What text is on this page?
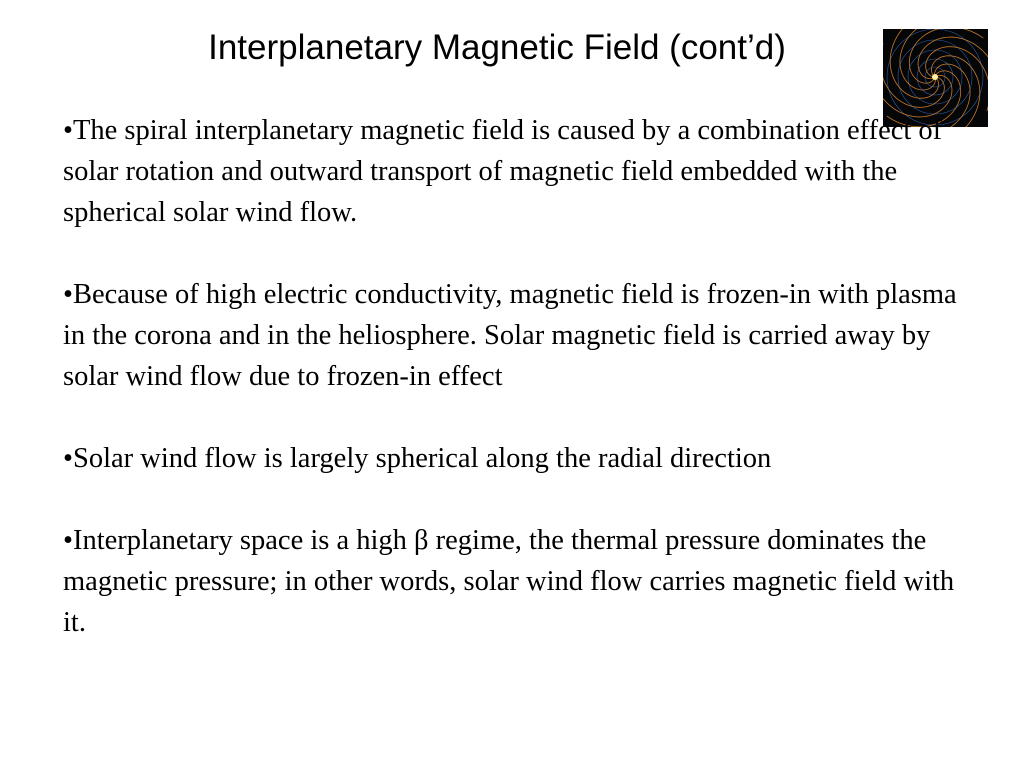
Interplanetary Magnetic Field (cont’d)

•The spiral interplanetary magnetic field is caused by a combination effect of solar rotation and outward transport of magnetic field embedded with the spherical solar wind flow.

•Because of high electric conductivity, magnetic field is frozen-in with plasma in the corona and in the heliosphere. Solar magnetic field is carried away by solar wind flow due to frozen-in effect

•Solar wind flow is largely spherical along the radial direction

•Interplanetary space is a high β regime, the thermal pressure dominates the magnetic pressure; in other words, solar wind flow carries magnetic field with it.
